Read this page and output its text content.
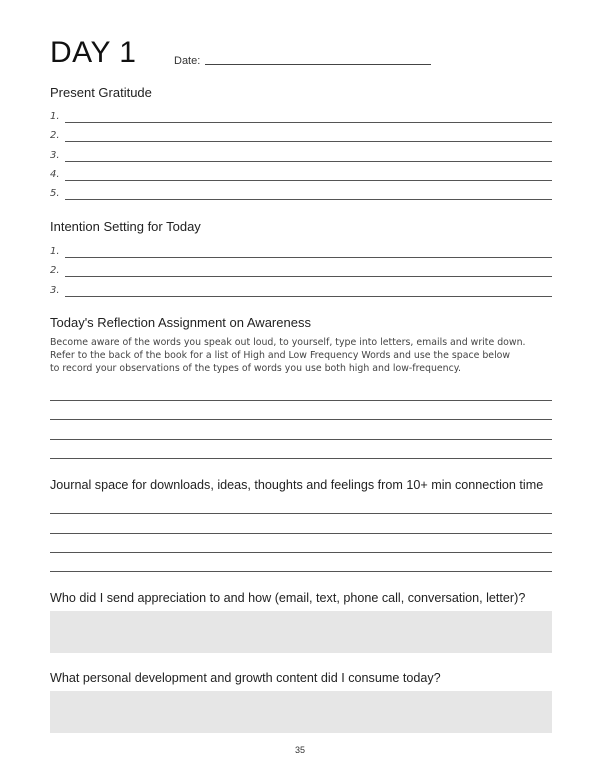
DAY 1	Date:
Present Gratitude
1.
2.
3.
4.
5.
Intention Setting for Today
1.
2.
3.
Today's Reflection Assignment on Awareness
Become aware of the words you speak out loud, to yourself, type into letters, emails and write down.
Refer to the back of the book for a list of High and Low Frequency Words and use the space below
to record your observations of the types of words you use both high and low-frequency.
Journal space for downloads, ideas, thoughts and feelings from 10+ min connection time
Who did I send appreciation to and how (email, text, phone call, conversation, letter)?
What personal development and growth content did I consume today?
35
